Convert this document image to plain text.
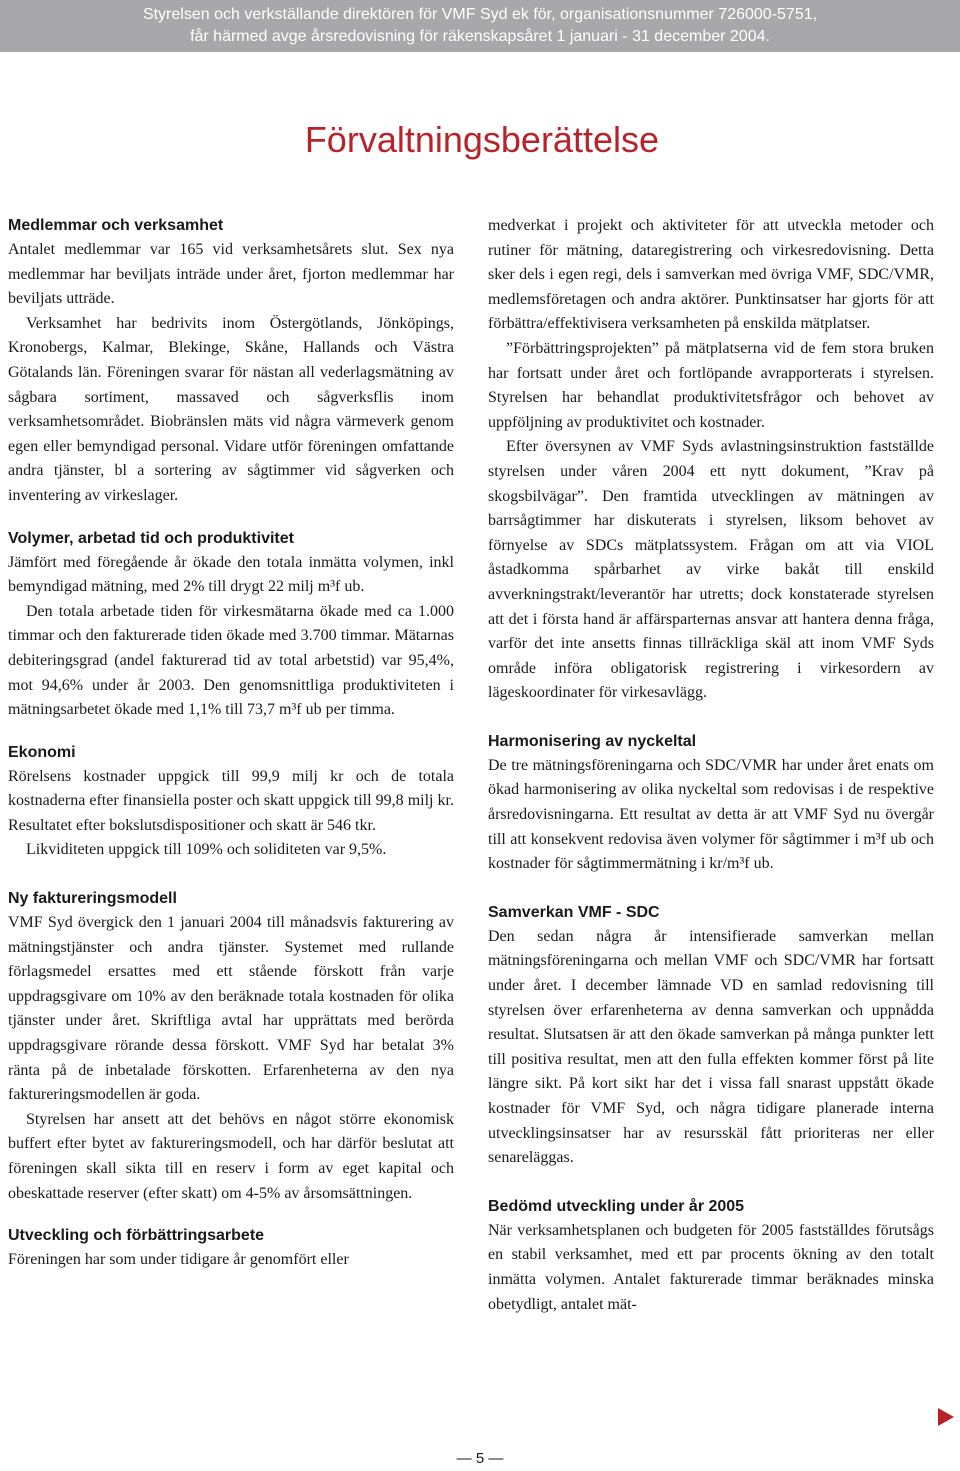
Styrelsen och verkställande direktören för VMF Syd ek för, organisationsnummer 726000-5751,
får härmed avge årsredovisning för räkenskapsåret 1 januari - 31 december 2004.
Förvaltningsberättelse
Medlemmar och verksamhet

Antalet medlemmar var 165 vid verksamhetsårets slut. Sex nya medlemmar har beviljats inträde under året, fjorton medlemmar har beviljats utträde.

Verksamhet har bedrivits inom Östergötlands, Jönköpings, Kronobergs, Kalmar, Blekinge, Skåne, Hallands och Västra Götalands län. Föreningen svarar för nästan all vederlagsmätning av sågbara sortiment, massaved och sågverksflis inom verksamhetsområdet. Biobränslen mäts vid några värmeverk genom egen eller bemyndigad personal. Vidare utför föreningen omfattande andra tjänster, bl a sortering av sågtimmer vid sågverken och inventering av virkeslager.

Volymer, arbetad tid och produktivitet

Jämfört med föregående år ökade den totala inmätta volymen, inkl bemyndigad mätning, med 2% till drygt 22 milj m³f ub.

Den totala arbetade tiden för virkesmätarna ökade med ca 1.000 timmar och den fakturerade tiden ökade med 3.700 timmar. Mätarnas debiteringsgrad (andel fakturerad tid av total arbetstid) var 95,4%, mot 94,6% under år 2003. Den genomsnittliga produktiviteten i mätningsarbetet ökade med 1,1% till 73,7 m³f ub per timma.

Ekonomi

Rörelsens kostnader uppgick till 99,9 milj kr och de totala kostnaderna efter finansiella poster och skatt uppgick till 99,8 milj kr. Resultatet efter bokslutsdispositioner och skatt är 546 tkr.

Likviditeten uppgick till 109% och soliditeten var 9,5%.

Ny faktureringsmodell

VMF Syd övergick den 1 januari 2004 till månadsvis fakturering av mätningstjänster och andra tjänster. Systemet med rullande förlagsmedel ersattes med ett stående förskott från varje uppdragsgivare om 10% av den beräknade totala kostnaden för olika tjänster under året. Skriftliga avtal har upprättats med berörda uppdragsgivare rörande dessa förskott. VMF Syd har betalat 3% ränta på de inbetalade förskotten. Erfarenheterna av den nya faktureringsmodellen är goda.

Styrelsen har ansett att det behövs en något större ekonomisk buffert efter bytet av faktureringsmodell, och har därför beslutat att föreningen skall sikta till en reserv i form av eget kapital och obeskattade reserver (efter skatt) om 4-5% av årsomsättningen.

Utveckling och förbättringsarbete

Föreningen har som under tidigare år genomfört eller

medverkat i projekt och aktiviteter för att utveckla metoder och rutiner för mätning, dataregistrering och virkesredovisning. Detta sker dels i egen regi, dels i samverkan med övriga VMF, SDC/VMR, medlemsföretagen och andra aktörer. Punktinsatser har gjorts för att förbättra/effektivisera verksamheten på enskilda mätplatser.

”Förbättringsprojekten” på mätplatserna vid de fem stora bruken har fortsatt under året och fortlöpande avrapporterats i styrelsen. Styrelsen har behandlat produktivitetsfrågor och behovet av uppföljning av produktivitet och kostnader.

Efter översynen av VMF Syds avlastningsinstruktion fastställde styrelsen under våren 2004 ett nytt dokument, ”Krav på skogsbilvägar”. Den framtida utvecklingen av mätningen av barrsågtimmer har diskuterats i styrelsen, liksom behovet av förnyelse av SDCs mätplatssystem. Frågan om att via VIOL åstadkomma spårbarhet av virke bakåt till enskild avverkningstrakt/leverantör har utretts; dock konstaterade styrelsen att det i första hand är affärsparternas ansvar att hantera denna fråga, varför det inte ansetts finnas tillräckliga skäl att inom VMF Syds område införa obligatorisk registrering i virkesordern av lägeskoordinater för virkesavlägg.

Harmonisering av nyckeltal

De tre mätningsföreningarna och SDC/VMR har under året enats om ökad harmonisering av olika nyckeltal som redovisas i de respektive årsredovisningarna. Ett resultat av detta är att VMF Syd nu övergår till att konsekvent redovisa även volymer för sågtimmer i m³f ub och kostnader för sågtimmermätning i kr/m³f ub.

Samverkan VMF - SDC

Den sedan några år intensifierade samverkan mellan mätningsföreningarna och mellan VMF och SDC/VMR har fortsatt under året. I december lämnade VD en samlad redovisning till styrelsen över erfarenheterna av denna samverkan och uppnådda resultat. Slutsatsen är att den ökade samverkan på många punkter lett till positiva resultat, men att den fulla effekten kommer först på lite längre sikt. På kort sikt har det i vissa fall snarast uppstått ökade kostnader för VMF Syd, och några tidigare planerade interna utvecklingsinsatser har av resursskäl fått prioriteras ner eller senareläggas.

Bedömd utveckling under år 2005

När verksamhetsplanen och budgeten för 2005 fastställdes förutsågs en stabil verksamhet, med ett par procents ökning av den totalt inmätta volymen. Antalet fakturerade timmar beräknades minska obetydligt, antalet mät-

— 5 —
